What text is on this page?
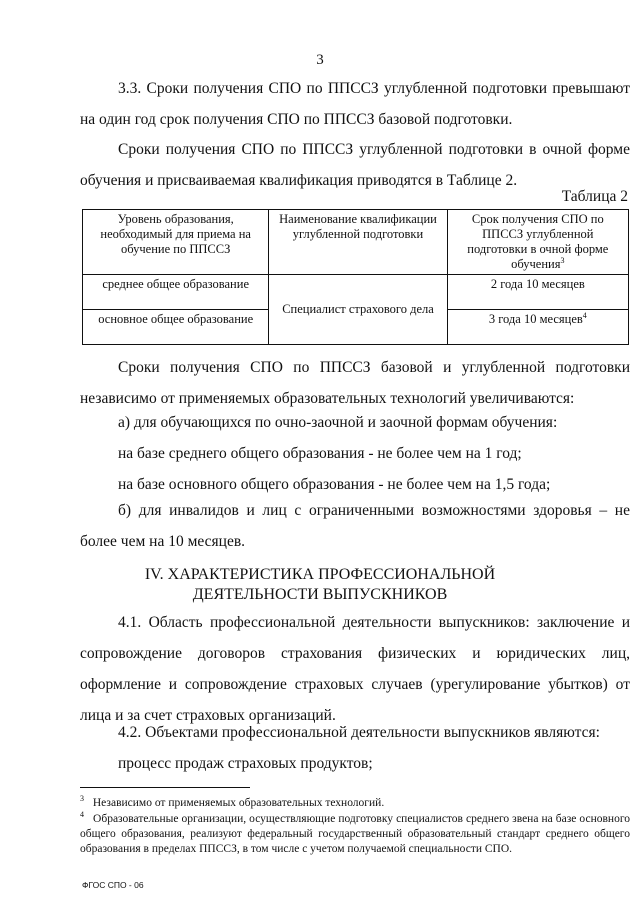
3
3.3. Сроки получения СПО по ППССЗ углубленной подготовки превышают на один год срок получения СПО по ППССЗ базовой подготовки.
Сроки получения СПО по ППССЗ углубленной подготовки в очной форме обучения и присваиваемая квалификация приводятся в Таблице 2.
Таблица 2
Уровень образования, необходимый для приема на обучение по ППССЗ	Наименование квалификации углубленной подготовки	Срок получения СПО по ППССЗ углубленной подготовки в очной форме обучения$^3$
среднее общее образование	Специалист страхового дела	2 года 10 месяцев
основное общее образование		3 года 10 месяцев$^4$
Сроки получения СПО по ППССЗ базовой и углубленной подготовки независимо от применяемых образовательных технологий увеличиваются:
а) для обучающихся по очно-заочной и заочной формам обучения:
на базе среднего общего образования - не более чем на 1 год;
на базе основного общего образования - не более чем на 1,5 года;
б) для инвалидов и лиц с ограниченными возможностями здоровья – не более чем на 10 месяцев.
IV. ХАРАКТЕРИСТИКА ПРОФЕССИОНАЛЬНОЙ
ДЕЯТЕЛЬНОСТИ ВЫПУСКНИКОВ
4.1. Область профессиональной деятельности выпускников: заключение и сопровождение договоров страхования физических и юридических лиц, оформление и сопровождение страховых случаев (урегулирование убытков) от лица и за счет страховых организаций.
4.2. Объектами профессиональной деятельности выпускников являются:
процесс продаж страховых продуктов;
$^3$ Независимо от применяемых образовательных технологий.
$^4$ Образовательные организации, осуществляющие подготовку специалистов среднего звена на базе основного общего образования, реализуют федеральный государственный образовательный стандарт среднего общего образования в пределах ППССЗ, в том числе с учетом получаемой специальности СПО.
ФГОС СПО - 06
